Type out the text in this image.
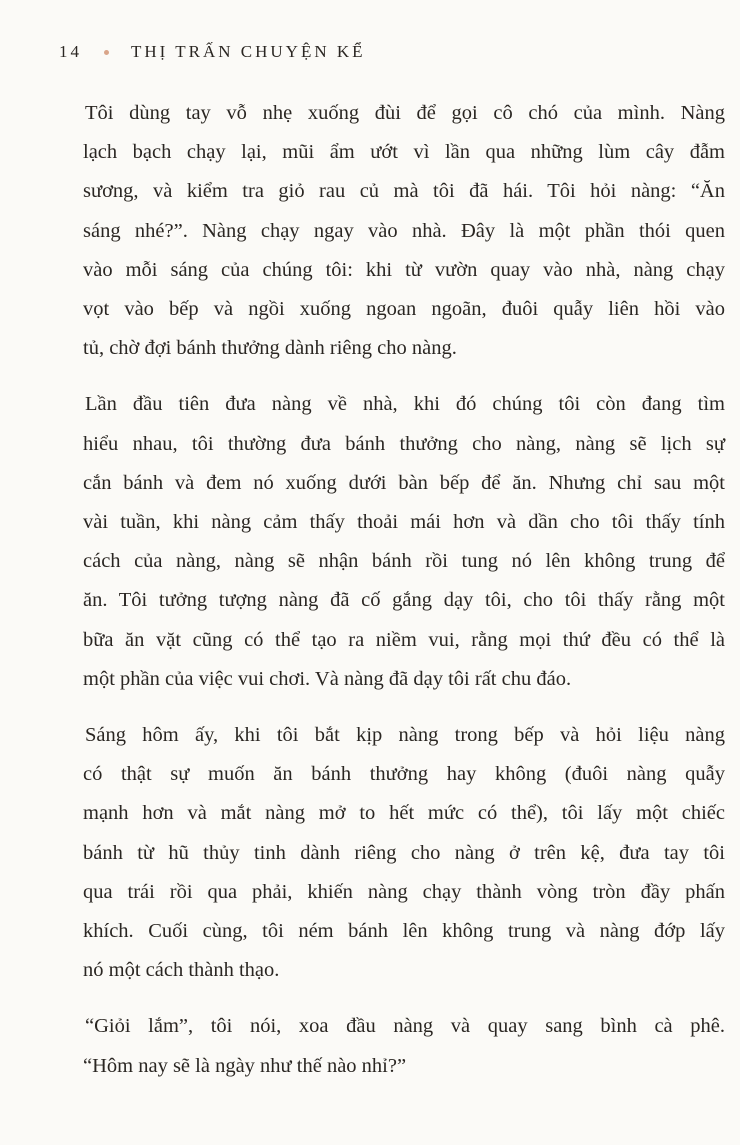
14	THỊ TRẤN CHUYỆN KỂ
Tôi dùng tay vỗ nhẹ xuống đùi để gọi cô chó của mình. Nàng
lạch bạch chạy lại, mũi ẩm ướt vì lần qua những lùm cây đẫm
sương, và kiểm tra giỏ rau củ mà tôi đã hái. Tôi hỏi nàng: “Ăn
sáng nhé?”. Nàng chạy ngay vào nhà. Đây là một phần thói quen
vào mỗi sáng của chúng tôi: khi từ vườn quay vào nhà, nàng chạy
vọt vào bếp và ngồi xuống ngoan ngoãn, đuôi quẫy liên hồi vào
tủ, chờ đợi bánh thưởng dành riêng cho nàng.
Lần đầu tiên đưa nàng về nhà, khi đó chúng tôi còn đang tìm
hiểu nhau, tôi thường đưa bánh thưởng cho nàng, nàng sẽ lịch sự
cắn bánh và đem nó xuống dưới bàn bếp để ăn. Nhưng chỉ sau một
vài tuần, khi nàng cảm thấy thoải mái hơn và dần cho tôi thấy tính
cách của nàng, nàng sẽ nhận bánh rồi tung nó lên không trung để
ăn. Tôi tưởng tượng nàng đã cố gắng dạy tôi, cho tôi thấy rằng một
bữa ăn vặt cũng có thể tạo ra niềm vui, rằng mọi thứ đều có thể là
một phần của việc vui chơi. Và nàng đã dạy tôi rất chu đáo.
Sáng hôm ấy, khi tôi bắt kịp nàng trong bếp và hỏi liệu nàng
có thật sự muốn ăn bánh thưởng hay không (đuôi nàng quẫy
mạnh hơn và mắt nàng mở to hết mức có thể), tôi lấy một chiếc
bánh từ hũ thủy tinh dành riêng cho nàng ở trên kệ, đưa tay tôi
qua trái rồi qua phải, khiến nàng chạy thành vòng tròn đầy phấn
khích. Cuối cùng, tôi ném bánh lên không trung và nàng đớp lấy
nó một cách thành thạo.
“Giỏi lắm”, tôi nói, xoa đầu nàng và quay sang bình cà phê.
“Hôm nay sẽ là ngày như thế nào nhỉ?”
